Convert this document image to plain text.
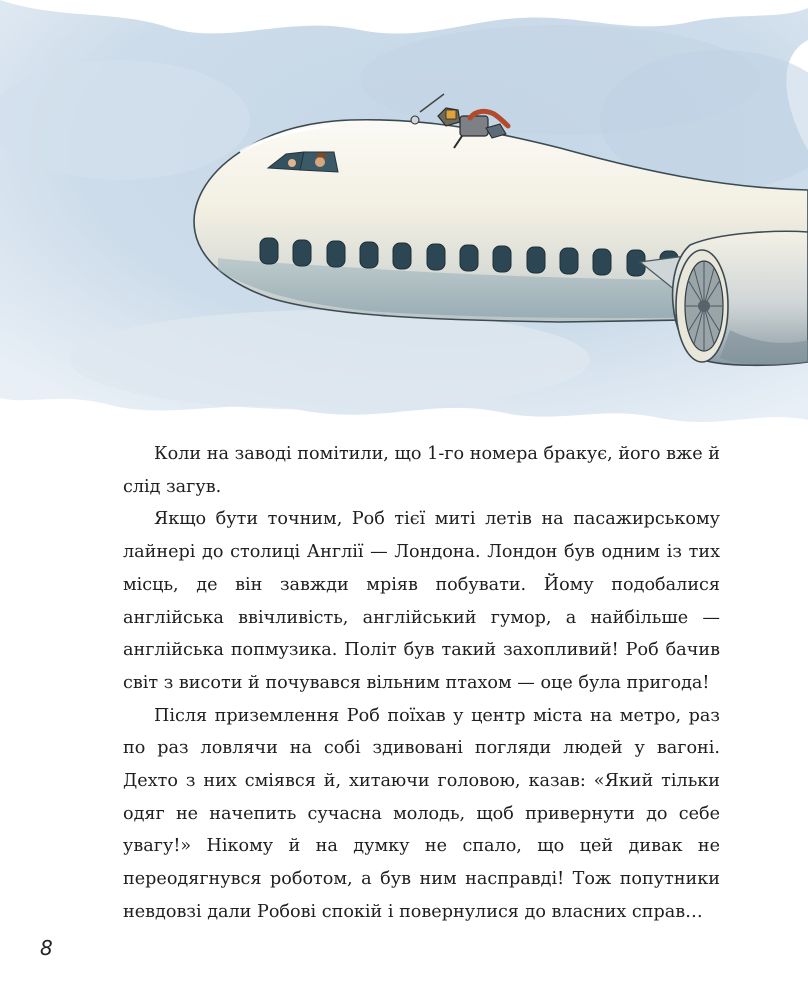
Коли на заводі помітили, що 1-го номера бракує, його вже й слід загув.

Якщо бути точним, Роб тієї миті летів на пасажирському лайнері до столиці Англії — Лондона. Лондон був одним із тих місць, де він завжди мріяв побувати. Йому подобалися англійська ввічливість, англійський гумор, а найбільше — англійська попмузика. Політ був такий захопливий! Роб бачив світ з висоти й почувався вільним птахом — оце була пригода!

Після приземлення Роб поїхав у центр міста на метро, раз по раз ловлячи на собі здивовані погляди людей у вагоні. Дехто з них сміявся й, хитаючи головою, казав: «Який тільки одяг не начепить сучасна молодь, щоб привернути до себе увагу!» Нікому й на думку не спало, що цей дивак не переодягнувся роботом, а був ним насправді! Тож попутники невдовзі дали Робові спокій і повернулися до власних справ…

8
